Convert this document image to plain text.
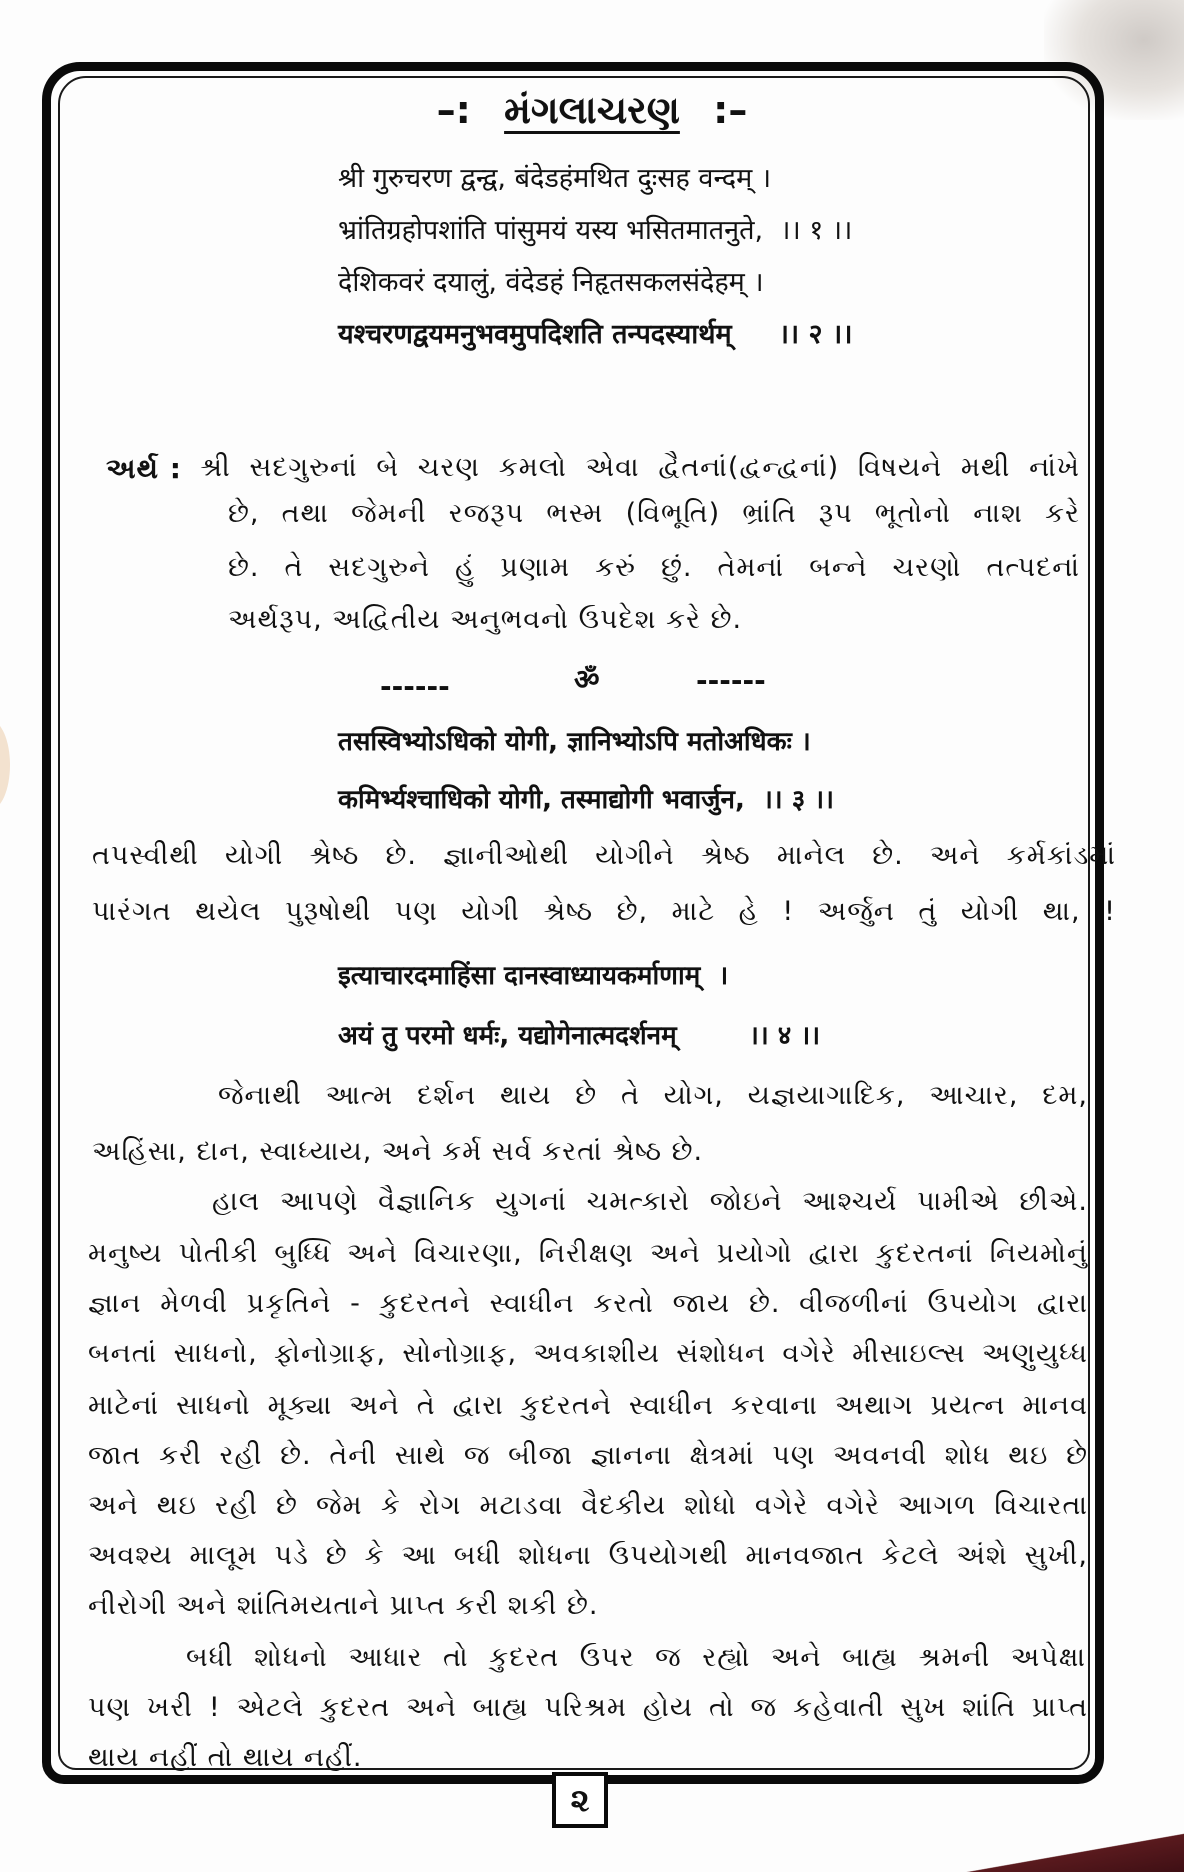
–: મંગલાચરણ :–
श्री गुरुचरण द्वन्द्व, बंदेडहंमथित दुःसह वन्दम् ।
भ्रांतिग्रहोपशांति पांसुमयं यस्य भसितमातनुते,  ।। १ ।।
देशिकवरं दयालुं, वंदेडहं निहृतसकलसंदेहम् ।
यश्चरणद्वयमनुभवमुपदिशति तन्पदस्यार्थम्     ।। २ ।।
અર્થ : શ્રી સદગુરુનાં બે ચરણ કમલો એવા દ્વૈતનાં(દ્વન્દ્વનાં) વિષયને મથી નાંખે
છે, તથા જેમની રજરૂપ ભસ્મ (વિભૂતિ) ભ્રાંતિ રૂપ ભૂતોનો નાશ કરે
છે. તે સદગુરુને હું પ્રણામ કરું છું. તેમનાં બન્ને ચરણો તત્પદનાં
અર્થરૂપ, અદ્વિતીય અનુભવનો ઉપદેશ કરે છે.
------	ॐ	------
तसस्विभ्योऽधिको योगी, ज्ञानिभ्योऽपि मतोअधिकः ।
कमिर्भ्यश्चाधिको योगी, तस्माद्योगी भवार्जुन,  ।। ३ ।।
તપસ્વીથી યોગી શ્રેષ્ઠ છે. જ્ઞાનીઓથી યોગીને શ્રેષ્ઠ માનેલ છે. અને કર્મકાંડમાં
પારંગત થયેલ પુરૂષોથી પણ યોગી શ્રેષ્ઠ છે, માટે હે ! અર્જુન તું યોગી થા, !
इत्याचारदमाहिंसा दानस्वाध्यायकर्माणाम्  ।
अयं तु परमो धर्मः, यद्योगेनात्मदर्शनम्        ।। ४ ।।
જેનાથી આત્મ દર્શન થાય છે તે યોગ, યજ્ઞયાગાદિક, આચાર, દમ,
અહિંસા, દાન, સ્વાધ્યાય, અને કર્મ સર્વ કરતાં શ્રેષ્ઠ છે.
હાલ આપણે વૈજ્ઞાનિક યુગનાં ચમત્કારો જોઇને આશ્ચર્ય પામીએ છીએ.
મનુષ્ય પોતીકી બુધ્ધિ અને વિચારણા, નિરીક્ષણ અને પ્રયોગો દ્વારા કુદરતનાં નિયમોનું
જ્ઞાન મેળવી પ્રકૃતિને - કુદરતને સ્વાધીન કરતો જાય છે. વીજળીનાં ઉપયોગ દ્વારા
બનતાં સાધનો, ફોનોગ્રાફ, સોનોગ્રાફ, અવકાશીય સંશોધન વગેરે મીસાઇલ્સ અણુયુધ્ધ
માટેનાં સાધનો મૂક્યા અને તે દ્વારા કુદરતને સ્વાધીન કરવાના અથાગ પ્રયત્ન માનવ
જાત કરી રહી છે. તેની સાથે જ બીજા જ્ઞાનના ક્ષેત્રમાં પણ અવનવી શોધ થઇ છે
અને થઇ રહી છે જેમ કે રોગ મટાડવા વૈદકીય શોધો વગેરે વગેરે આગળ વિચારતા
અવશ્ય માલૂમ પડે છે કે આ બધી શોધના ઉપયોગથી માનવજાત કેટલે અંશે સુખી,
નીરોગી અને શાંતિમયતાને પ્રાપ્ત કરી શકી છે.
બધી શોધનો આધાર તો કુદરત ઉપર જ રહ્યો અને બાહ્ય શ્રમની અપેક્ષા
પણ ખરી ! એટલે કુદરત અને બાહ્ય પરિશ્રમ હોય તો જ કહેવાતી સુખ શાંતિ પ્રાપ્ત
થાય નહીં તો થાય નહીં.
૨
